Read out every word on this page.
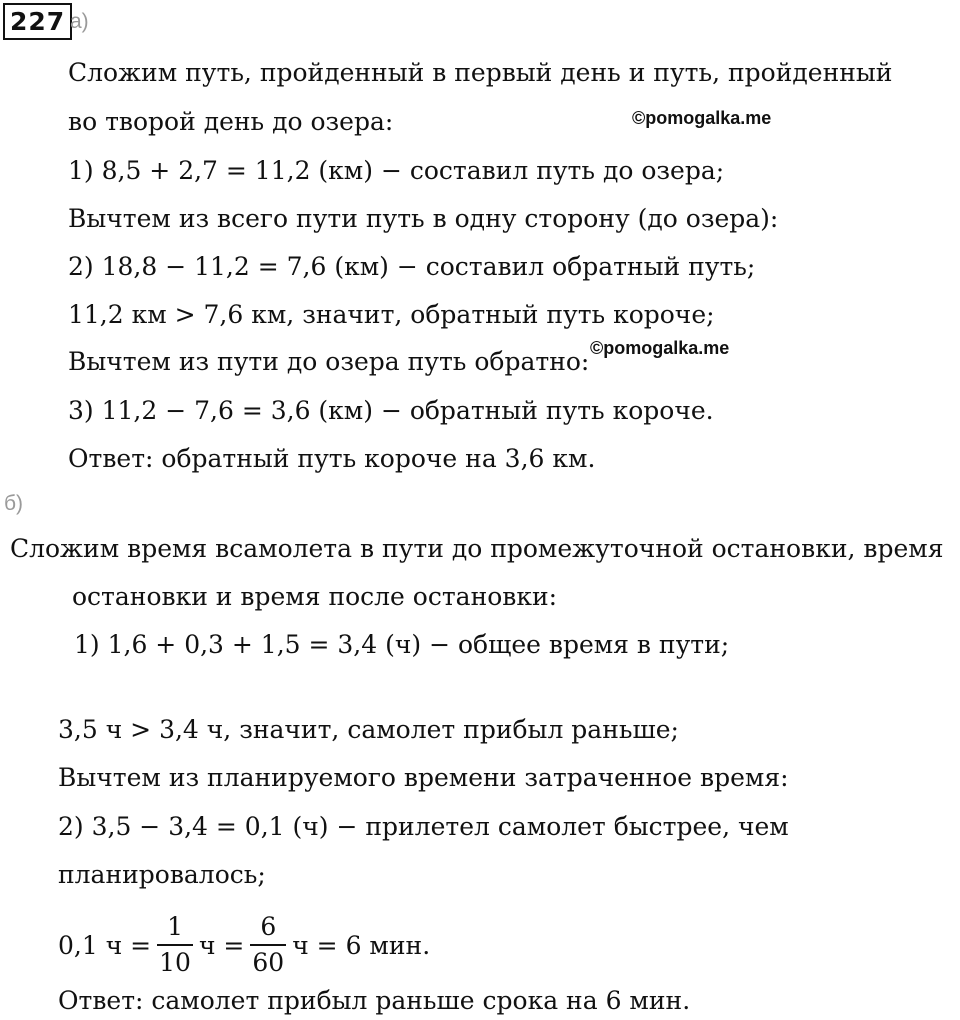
227 а)
Сложим путь, пройденный в первый день и путь, пройденный
во творой день до озера:	©pomogalka.me
1) 8,5 + 2,7 = 11,2 (км) − составил путь до озера;
Вычтем из всего пути путь в одну сторону (до озера):
2) 18,8 − 11,2 = 7,6 (км) − составил обратный путь;
11,2 км > 7,6 км, значит, обратный путь короче;
Вычтем из пути до озера путь обратно: ©pomogalka.me
3) 11,2 − 7,6 = 3,6 (км) − обратный путь короче.
Ответ: обратный путь короче на 3,6 км.
б)
Сложим время всамолета в пути до промежуточной остановки, время
остановки и время после остановки:
1) 1,6 + 0,3 + 1,5 = 3,4 (ч) − общее время в пути;
3,5 ч > 3,4 ч, значит, самолет прибыл раньше;
Вычтем из планируемого времени затраченное время:
2) 3,5 − 3,4 = 0,1 (ч) − прилетел самолет быстрее, чем
планировалось;
0,1 $ч = \frac{1}{10}$ $ч = \frac{6}{60}$ ч = 6 мин.
Ответ: самолет прибыл раньше срока на 6 мин.
